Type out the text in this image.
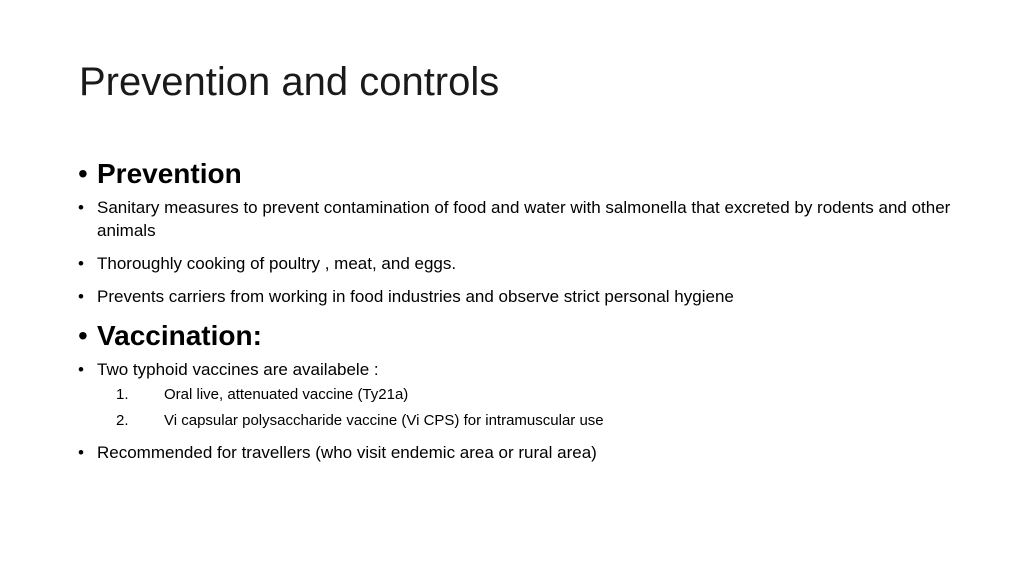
Prevention and controls
• Prevention
• Sanitary measures to prevent contamination of food and water with salmonella that excreted by rodents and other animals
• Thoroughly cooking of poultry , meat, and eggs.
• Prevents carriers from working in food industries and observe strict personal hygiene
• Vaccination:
• Two typhoid vaccines are availabele :
1. Oral live, attenuated vaccine (Ty21a)
2. Vi capsular polysaccharide vaccine (Vi CPS) for intramuscular use
• Recommended for travellers (who visit endemic area or rural area)
